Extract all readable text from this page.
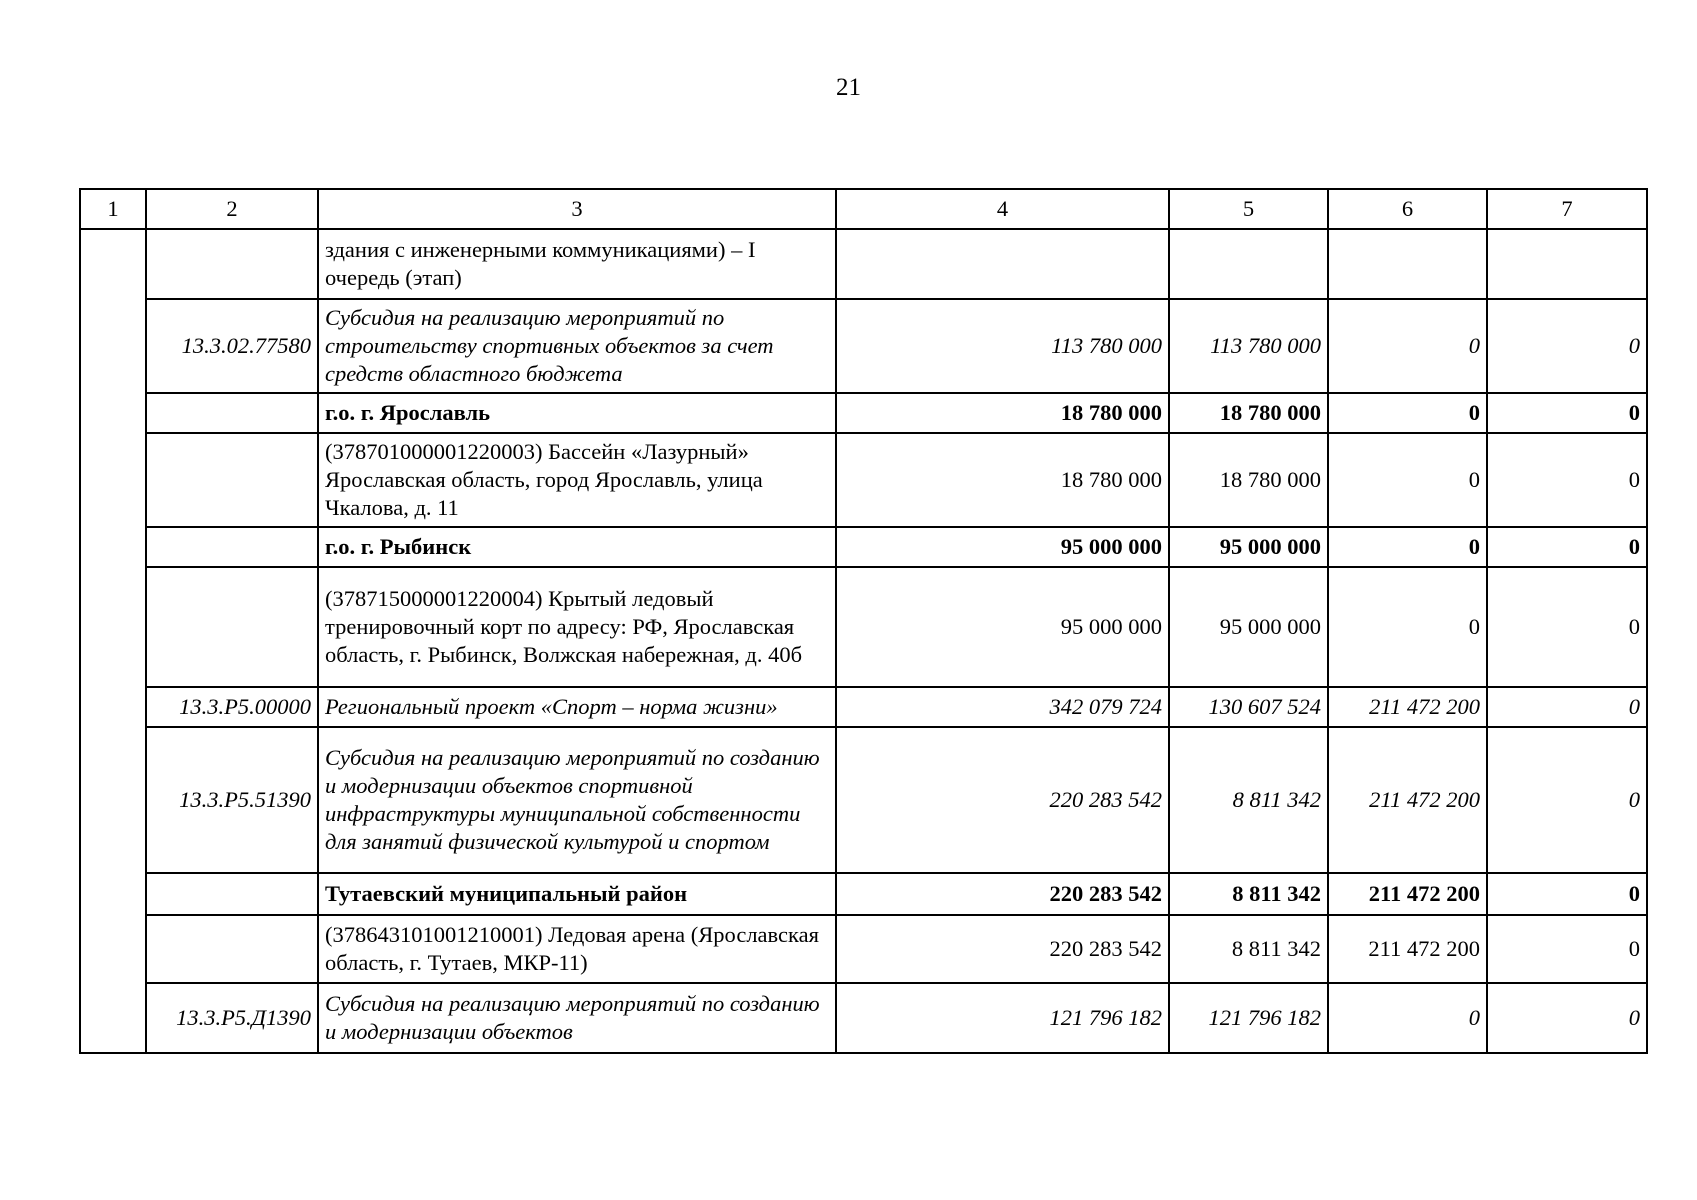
21
1	2	3	4	5	6	7
		здания с инженерными коммуникациями) – I очередь (этап)				
	13.3.02.77580	Субсидия на реализацию мероприятий по строительству спортивных объектов за счет средств областного бюджета	113 780 000	113 780 000	0	0
		г.о. г. Ярославль	18 780 000	18 780 000	0	0
		(378701000001220003) Бассейн «Лазурный» Ярославская область, город Ярославль, улица Чкалова, д. 11	18 780 000	18 780 000	0	0
		г.о. г. Рыбинск	95 000 000	95 000 000	0	0
		(378715000001220004) Крытый ледовый тренировочный корт по адресу: РФ, Ярославская область, г. Рыбинск, Волжская набережная, д. 40б	95 000 000	95 000 000	0	0
	13.3.P5.00000	Региональный проект «Спорт – норма жизни»	342 079 724	130 607 524	211 472 200	0
	13.3.P5.51390	Субсидия на реализацию мероприятий по созданию и модернизации объектов спортивной инфраструктуры муниципальной собственности для занятий физической культурой и спортом	220 283 542	8 811 342	211 472 200	0
		Тутаевский муниципальный район	220 283 542	8 811 342	211 472 200	0
		(378643101001210001) Ледовая арена (Ярославская область, г. Тутаев, МКР-11)	220 283 542	8 811 342	211 472 200	0
	13.3.P5.Д1390	Субсидия на реализацию мероприятий по созданию и модернизации объектов	121 796 182	121 796 182	0	0
